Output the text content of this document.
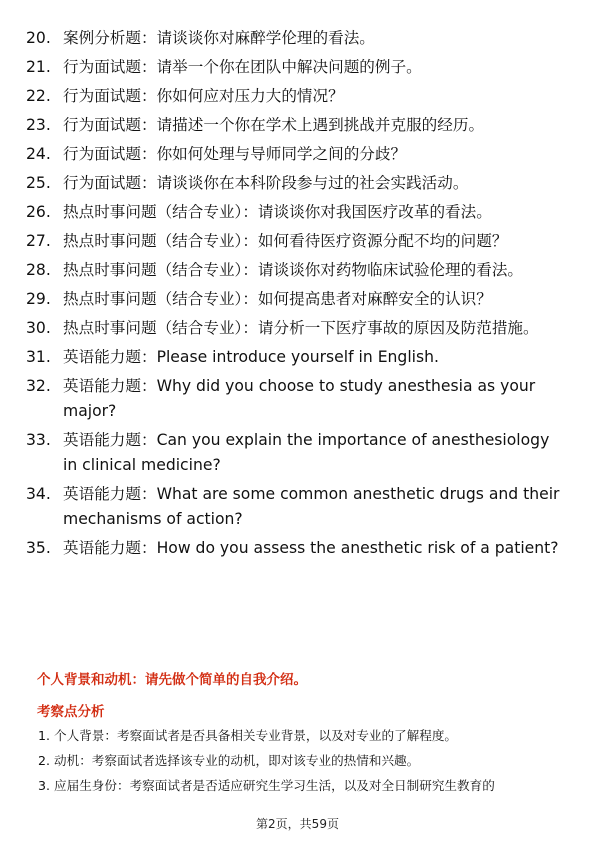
20. 案例分析题：请谈谈你对麻醉学伦理的看法。
21. 行为面试题：请举一个你在团队中解决问题的例子。
22. 行为面试题：你如何应对压力大的情况？
23. 行为面试题：请描述一个你在学术上遇到挑战并克服的经历。
24. 行为面试题：你如何处理与导师同学之间的分歧？
25. 行为面试题：请谈谈你在本科阶段参与过的社会实践活动。
26. 热点时事问题（结合专业）：请谈谈你对我国医疗改革的看法。
27. 热点时事问题（结合专业）：如何看待医疗资源分配不均的问题？
28. 热点时事问题（结合专业）：请谈谈你对药物临床试验伦理的看法。
29. 热点时事问题（结合专业）：如何提高患者对麻醉安全的认识？
30. 热点时事问题（结合专业）：请分析一下医疗事故的原因及防范措施。
31. 英语能力题：Please introduce yourself in English.
32. 英语能力题：Why did you choose to study anesthesia as your major?
33. 英语能力题：Can you explain the importance of anesthesiology in clinical medicine?
34. 英语能力题：What are some common anesthetic drugs and their mechanisms of action?
35. 英语能力题：How do you assess the anesthetic risk of a patient?
个人背景和动机：请先做个简单的自我介绍。
考察点分析
1. 个人背景：考察面试者是否具备相关专业背景，以及对专业的了解程度。
2. 动机：考察面试者选择该专业的动机，即对该专业的热情和兴趣。
3. 应届生身份：考察面试者是否适应研究生学习生活，以及对全日制研究生教育的
第2页，共59页
